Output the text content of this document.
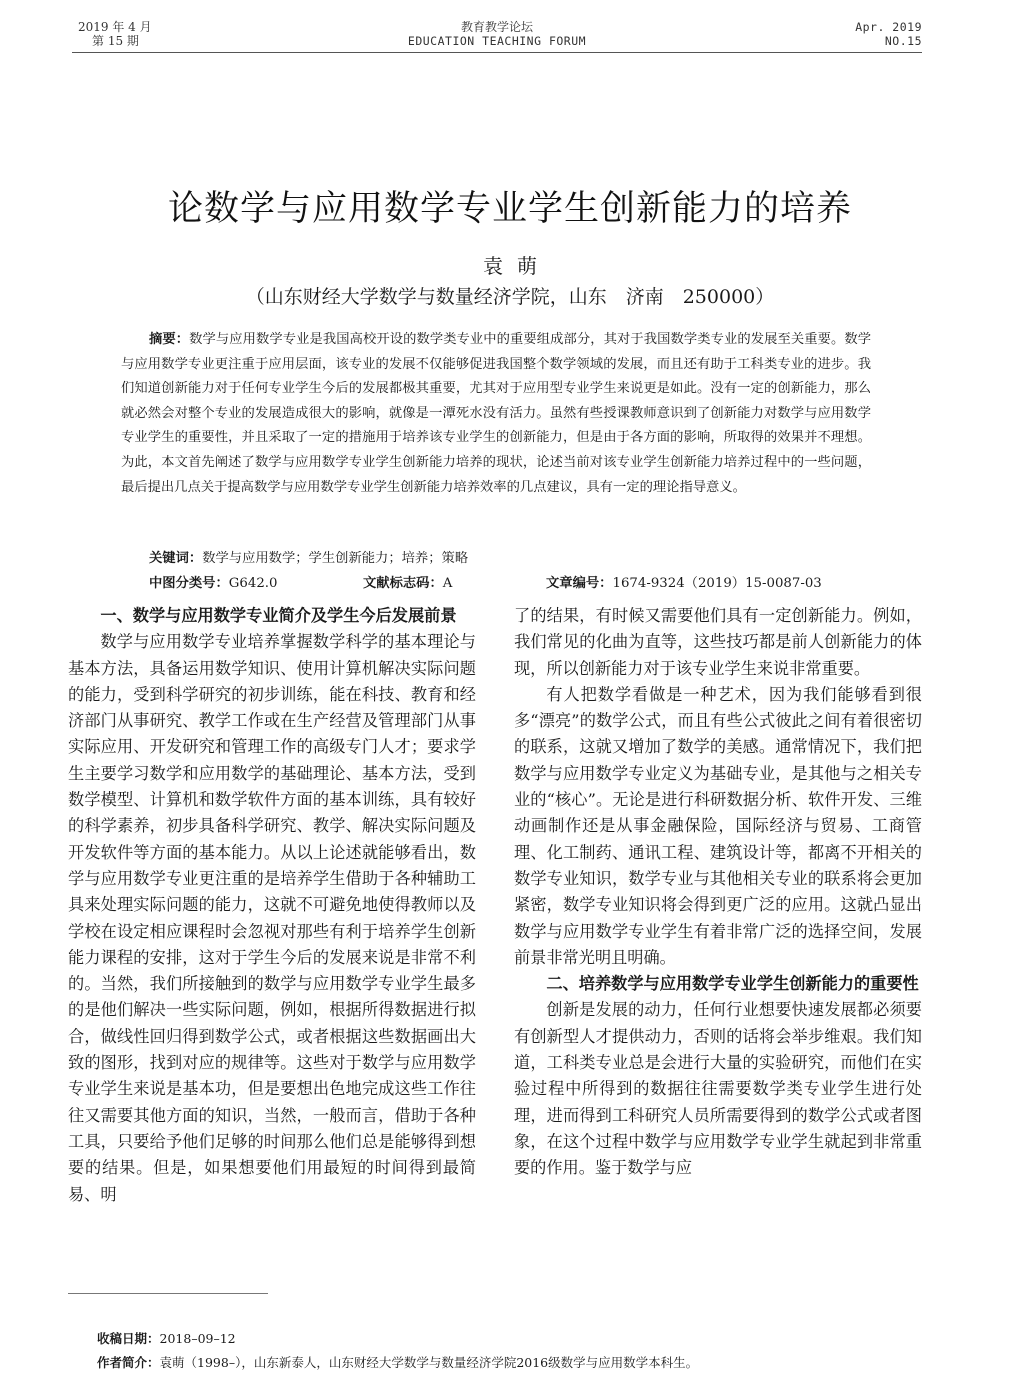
2019 年 4 月
第 15 期
教育教学论坛
EDUCATION TEACHING FORUM
Apr. 2019
NO.15
论数学与应用数学专业学生创新能力的培养
袁萌
（山东财经大学数学与数量经济学院，山东　济南　250000）
摘要：数学与应用数学专业是我国高校开设的数学类专业中的重要组成部分，其对于我国数学类专业的发展至关重要。数学与应用数学专业更注重于应用层面，该专业的发展不仅能够促进我国整个数学领域的发展，而且还有助于工科类专业的进步。我们知道创新能力对于任何专业学生今后的发展都极其重要，尤其对于应用型专业学生来说更是如此。没有一定的创新能力，那么就必然会对整个专业的发展造成很大的影响，就像是一潭死水没有活力。虽然有些授课教师意识到了创新能力对数学与应用数学专业学生的重要性，并且采取了一定的措施用于培养该专业学生的创新能力，但是由于各方面的影响，所取得的效果并不理想。为此，本文首先阐述了数学与应用数学专业学生创新能力培养的现状，论述当前对该专业学生创新能力培养过程中的一些问题，最后提出几点关于提高数学与应用数学专业学生创新能力培养效率的几点建议，具有一定的理论指导意义。
关键词：数学与应用数学；学生创新能力；培养；策略
中图分类号：G642.0	文献标志码：A	文章编号：1674-9324（2019）15-0087-03
一、数学与应用数学专业简介及学生今后发展前景

数学与应用数学专业培养掌握数学科学的基本理论与基本方法，具备运用数学知识、使用计算机解决实际问题的能力，受到科学研究的初步训练，能在科技、教育和经济部门从事研究、教学工作或在生产经营及管理部门从事实际应用、开发研究和管理工作的高级专门人才；要求学生主要学习数学和应用数学的基础理论、基本方法，受到数学模型、计算机和数学软件方面的基本训练，具有较好的科学素养，初步具备科学研究、教学、解决实际问题及开发软件等方面的基本能力。从以上论述就能够看出，数学与应用数学专业更注重的是培养学生借助于各种辅助工具来处理实际问题的能力，这就不可避免地使得教师以及学校在设定相应课程时会忽视对那些有利于培养学生创新能力课程的安排，这对于学生今后的发展来说是非常不利的。当然，我们所接触到的数学与应用数学专业学生最多的是他们解决一些实际问题，例如，根据所得数据进行拟合，做线性回归得到数学公式，或者根据这些数据画出大致的图形，找到对应的规律等。这些对于数学与应用数学专业学生来说是基本功，但是要想出色地完成这些工作往往又需要其他方面的知识，当然，一般而言，借助于各种工具，只要给予他们足够的时间那么他们总是能够得到想要的结果。但是，如果想要他们用最短的时间得到最简易、明

了的结果，有时候又需要他们具有一定创新能力。例如，我们常见的化曲为直等，这些技巧都是前人创新能力的体现，所以创新能力对于该专业学生来说非常重要。

有人把数学看做是一种艺术，因为我们能够看到很多“漂亮”的数学公式，而且有些公式彼此之间有着很密切的联系，这就又增加了数学的美感。通常情况下，我们把数学与应用数学专业定义为基础专业，是其他与之相关专业的“核心”。无论是进行科研数据分析、软件开发、三维动画制作还是从事金融保险，国际经济与贸易、工商管理、化工制药、通讯工程、建筑设计等，都离不开相关的数学专业知识，数学专业与其他相关专业的联系将会更加紧密，数学专业知识将会得到更广泛的应用。这就凸显出数学与应用数学专业学生有着非常广泛的选择空间，发展前景非常光明且明确。

二、培养数学与应用数学专业学生创新能力的重要性

创新是发展的动力，任何行业想要快速发展都必须要有创新型人才提供动力，否则的话将会举步维艰。我们知道，工科类专业总是会进行大量的实验研究，而他们在实验过程中所得到的数据往往需要数学类专业学生进行处理，进而得到工科研究人员所需要得到的数学公式或者图象，在这个过程中数学与应用数学专业学生就起到非常重要的作用。鉴于数学与应

收稿日期：2018–09–12
作者简介：袁萌（1998–），山东新泰人，山东财经大学数学与数量经济学院2016级数学与应用数学本科生。
